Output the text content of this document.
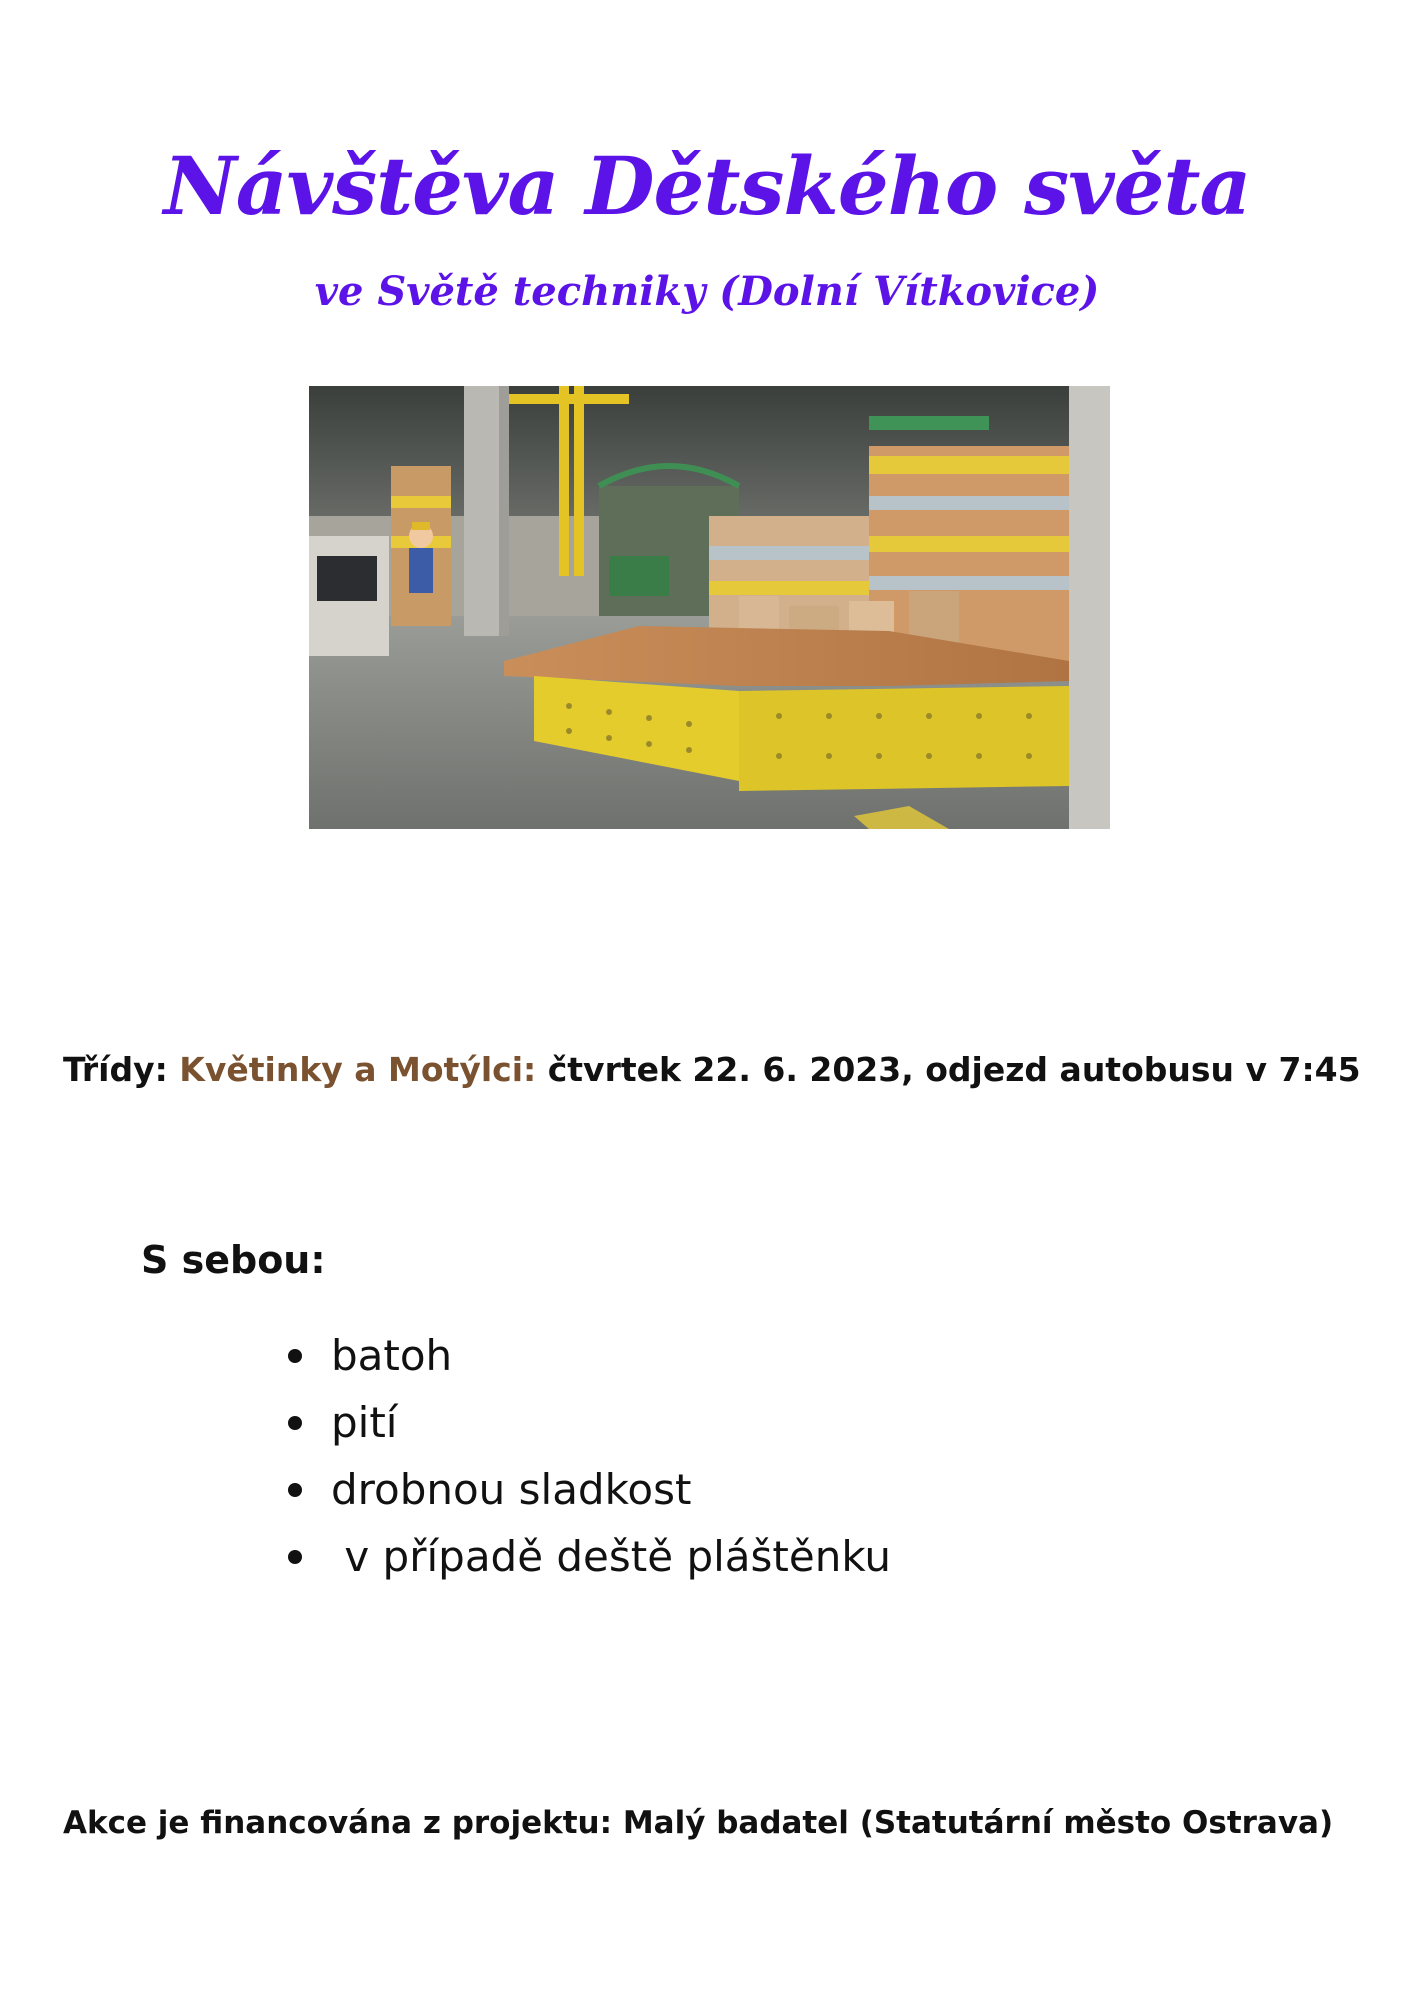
Návštěva Dětského světa
ve Světě techniky (Dolní Vítkovice)

Třídy: Květinky a Motýlci: čtvrtek 22. 6. 2023, odjezd autobusu v 7:45

S sebou:
batoh
pití
drobnou sladkost
v případě deště pláštěnku

Akce je financována z projektu: Malý badatel (Statutární město Ostrava)
